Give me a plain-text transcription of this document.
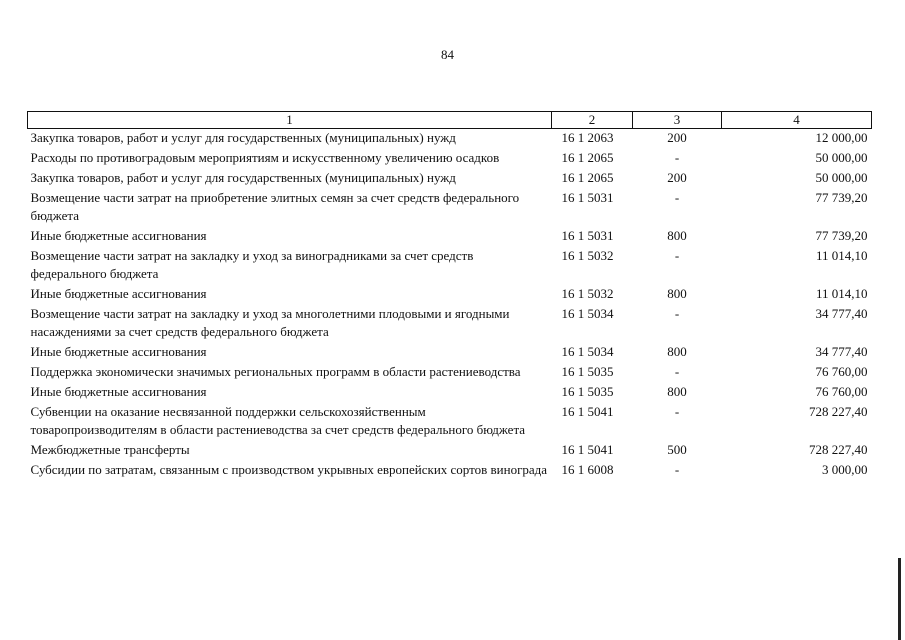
84
1	2	3	4
Закупка товаров, работ и услуг для государственных (муниципальных) нужд	16 1 2063	200	12 000,00
Расходы по противоградовым мероприятиям и искусственному увеличению осадков	16 1 2065	-	50 000,00
Закупка товаров, работ и услуг для государственных (муниципальных) нужд	16 1 2065	200	50 000,00
Возмещение части затрат на приобретение элитных семян за счет средств федерального бюджета	16 1 5031	-	77 739,20
Иные бюджетные ассигнования	16 1 5031	800	77 739,20
Возмещение части затрат на закладку и уход за виноградниками за счет средств федерального бюджета	16 1 5032	-	11 014,10
Иные бюджетные ассигнования	16 1 5032	800	11 014,10
Возмещение части затрат на закладку и уход за многолетними плодовыми и ягодными насаждениями за счет средств федерального бюджета	16 1 5034	-	34 777,40
Иные бюджетные ассигнования	16 1 5034	800	34 777,40
Поддержка экономически значимых региональных программ в области растениеводства	16 1 5035	-	76 760,00
Иные бюджетные ассигнования	16 1 5035	800	76 760,00
Субвенции на оказание несвязанной поддержки сельскохозяйственным товаропроизводителям в области растениеводства за счет средств федерального бюджета	16 1 5041	-	728 227,40
Межбюджетные трансферты	16 1 5041	500	728 227,40
Субсидии по затратам, связанным с производством укрывных европейских сортов винограда	16 1 6008	-	3 000,00
